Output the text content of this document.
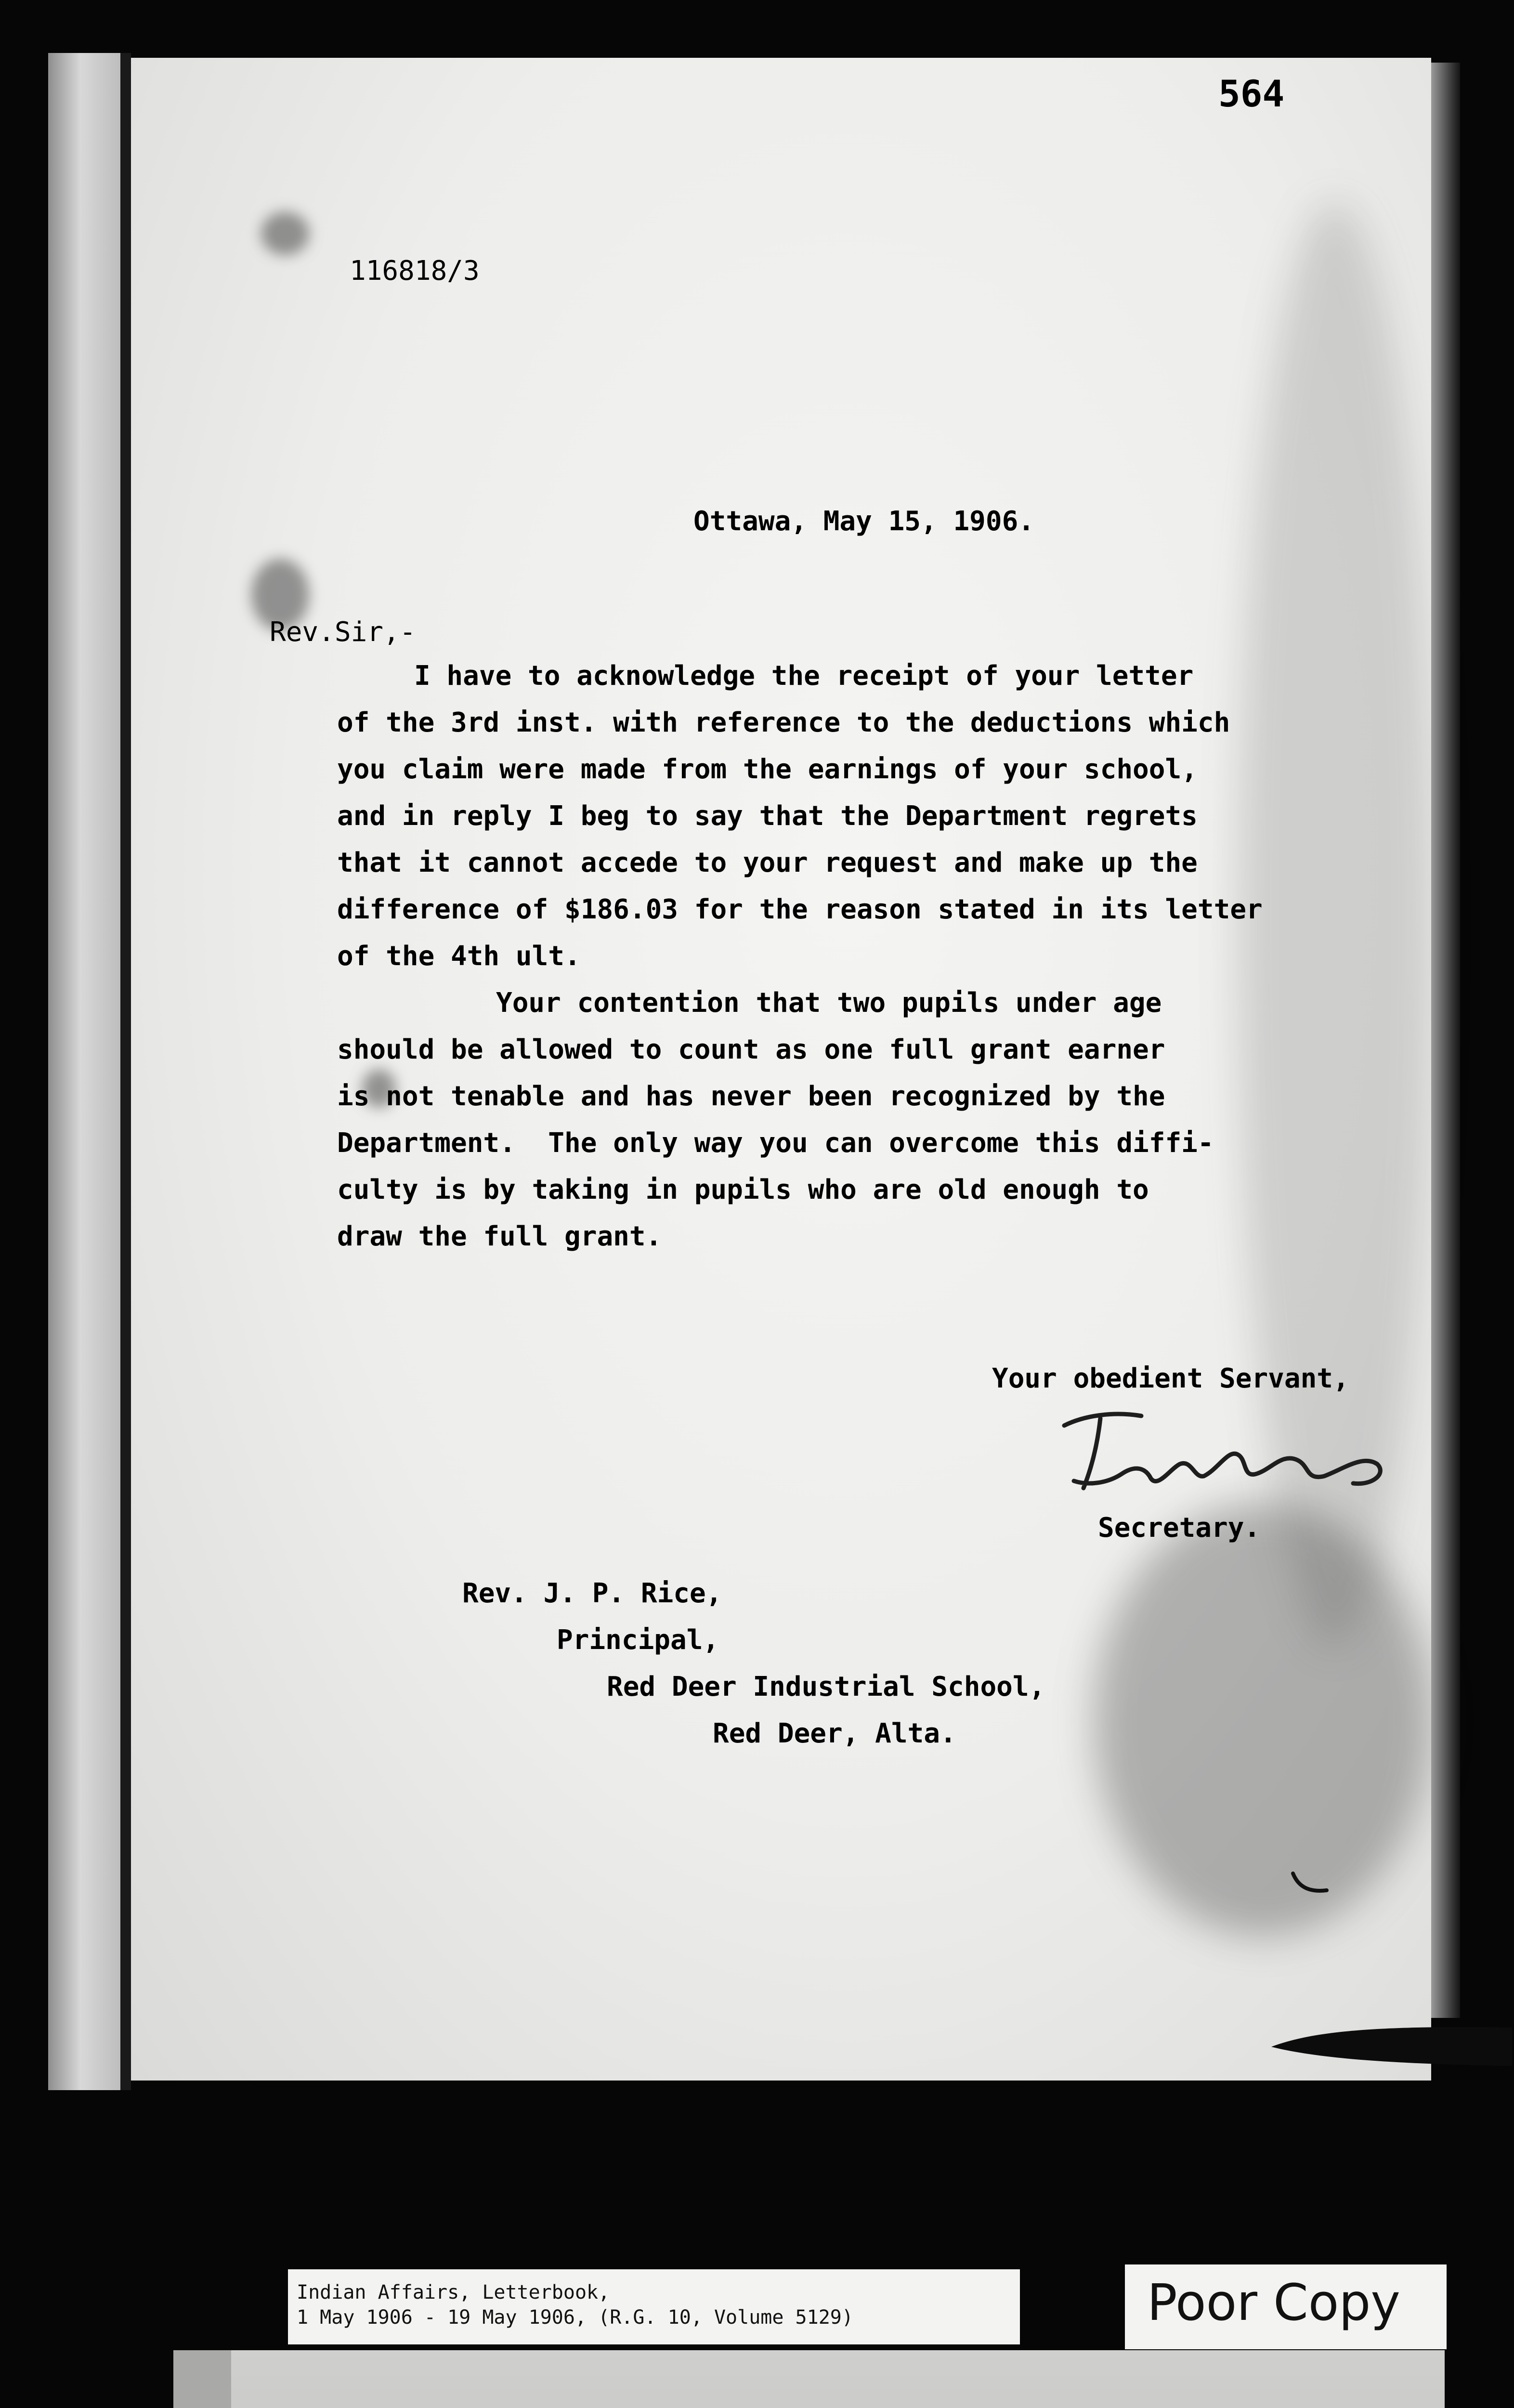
564
116818/3
Ottawa, May 15, 1906.
Rev.Sir,-
I have to acknowledge the receipt of your letter
of the 3rd inst. with reference to the deductions which
you claim were made from the earnings of your school,
and in reply I beg to say that the Department regrets
that it cannot accede to your request and make up the
difference of $186.03 for the reason stated in its letter
of the 4th ult.
Your contention that two pupils under age
should be allowed to count as one full grant earner
is not tenable and has never been recognized by the
Department.  The only way you can overcome this diffi-
culty is by taking in pupils who are old enough to
draw the full grant.
Your obedient Servant,
Secretary.
Rev. J. P. Rice,
Principal,
Red Deer Industrial School,
Red Deer, Alta.
Indian Affairs, Letterbook,
1 May 1906 - 19 May 1906, (R.G. 10, Volume 5129)	Poor Copy
